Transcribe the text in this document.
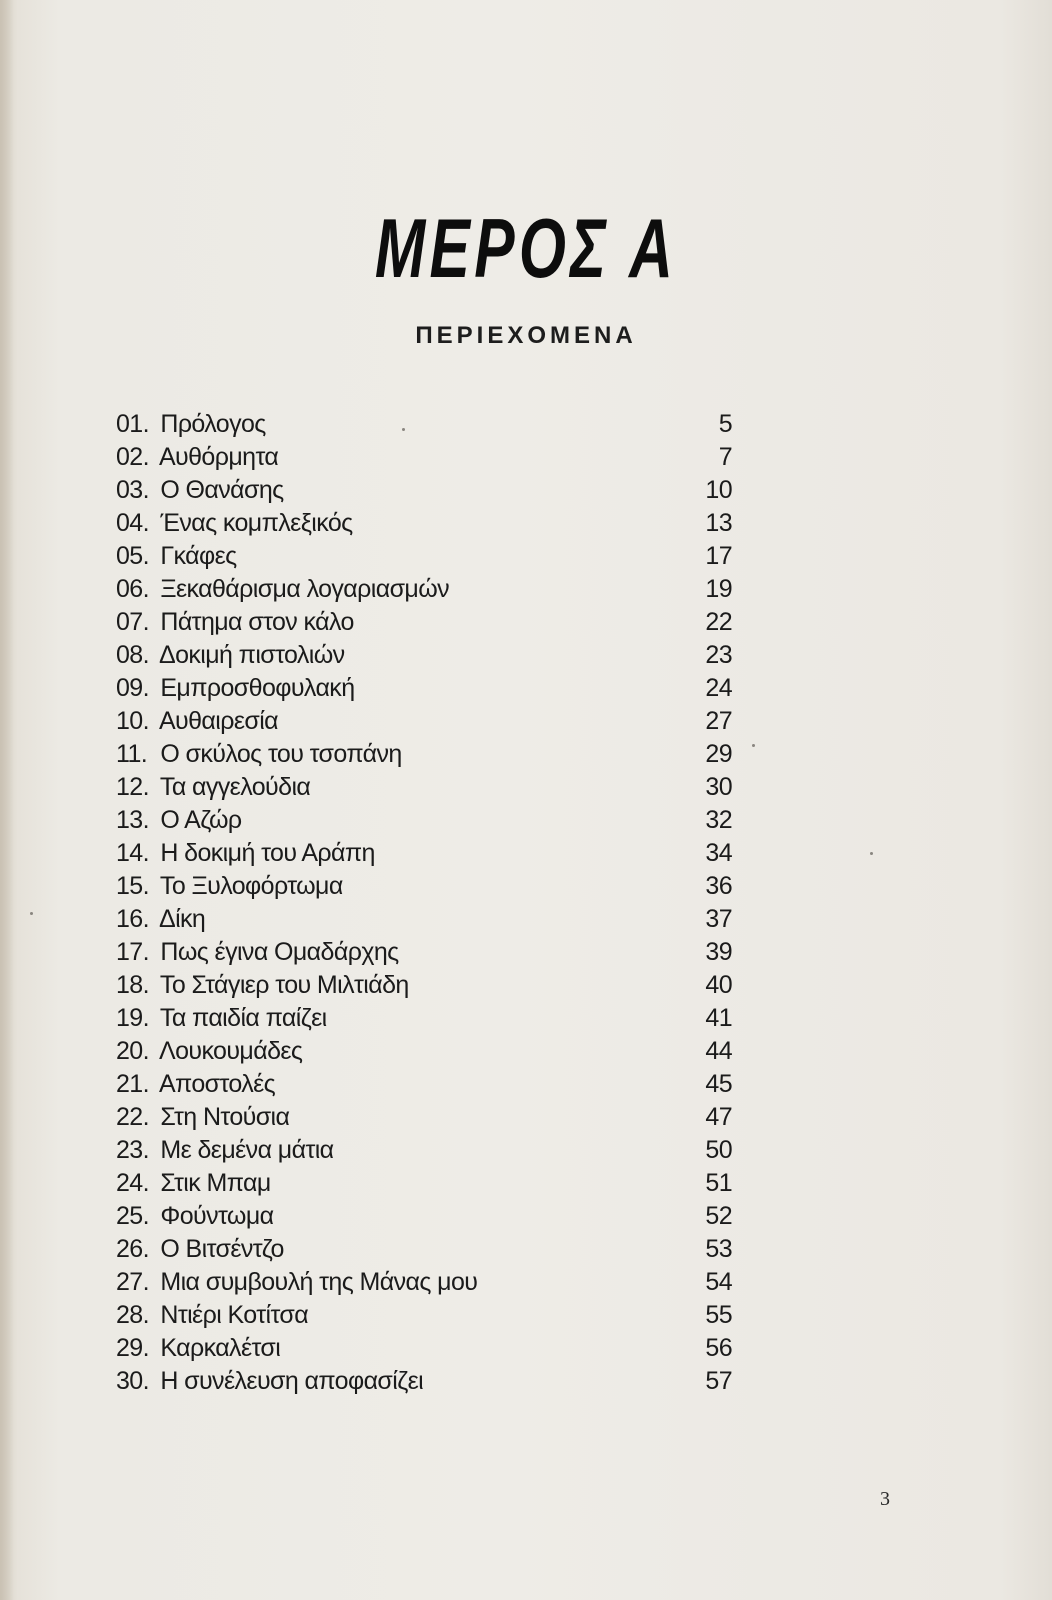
ΜΕΡΟΣ Α
ΠΕΡΙΕΧΟΜΕΝΑ
01. Πρόλογος	5
02. Αυθόρμητα	7
03. Ο Θανάσης	10
04. Ένας κομπλεξικός	13
05. Γκάφες	17
06. Ξεκαθάρισμα λογαριασμών	19
07. Πάτημα στον κάλο	22
08. Δοκιμή πιστολιών	23
09. Εμπροσθοφυλακή	24
10. Αυθαιρεσία	27
11. Ο σκύλος του τσοπάνη	29
12. Τα αγγελούδια	30
13. Ο Αζώρ	32
14. Η δοκιμή του Αράπη	34
15. Το Ξυλοφόρτωμα	36
16. Δίκη	37
17. Πως έγινα Ομαδάρχης	39
18. Το Στάγιερ του Μιλτιάδη	40
19. Τα παιδία παίζει	41
20. Λουκουμάδες	44
21. Αποστολές	45
22. Στη Ντούσια	47
23. Με δεμένα μάτια	50
24. Στικ Μπαμ	51
25. Φούντωμα	52
26. Ο Βιτσέντζο	53
27. Μια συμβουλή της Μάνας μου	54
28. Ντιέρι Κοτίτσα	55
29. Καρκαλέτσι	56
30. Η συνέλευση αποφασίζει	57

3
